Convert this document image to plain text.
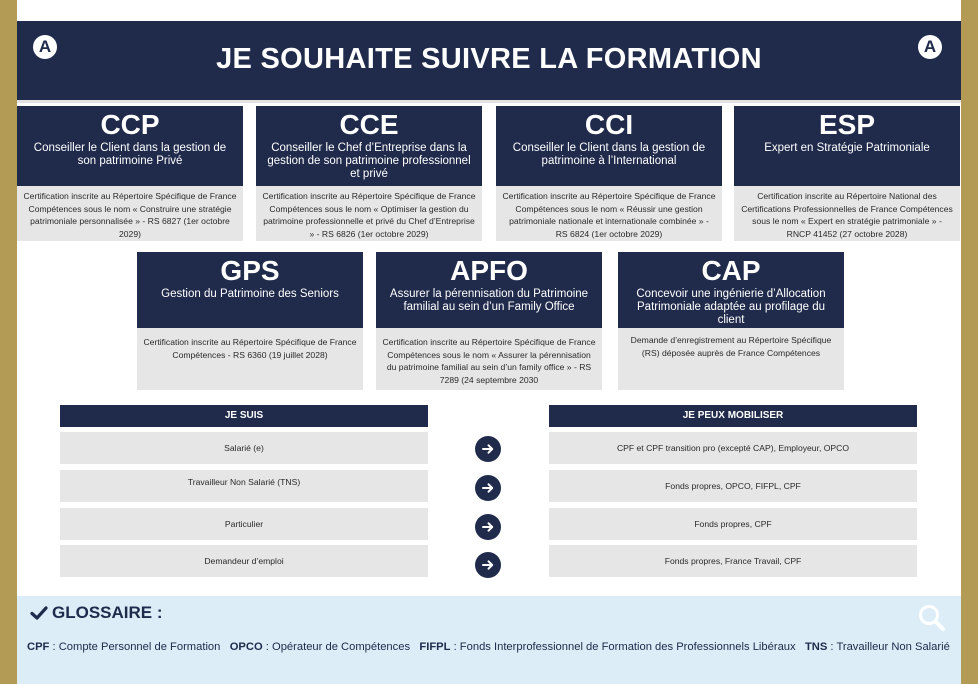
A	JE SOUHAITE SUIVRE LA FORMATION	A
CCP
Conseiller le Client dans la gestion de son patrimoine Privé
Certification inscrite au Répertoire Spécifique de France Compétences sous le nom « Construire une stratégie patrimoniale personnalisée » - RS 6827 (1er octobre 2029)
CCE
Conseiller le Chef d’Entreprise dans la gestion de son patrimoine professionnel et privé
Certification inscrite au Répertoire Spécifique de France Compétences sous le nom « Optimiser la gestion du patrimoine professionnelle et privé du Chef d’Entreprise » - RS 6826 (1er octobre 2029)
CCI
Conseiller le Client dans la gestion de patrimoine à l’International
Certification inscrite au Répertoire Spécifique de France Compétences sous le nom « Réussir une gestion patrimoniale nationale et internationale combinée » - RS 6824 (1er octobre 2029)
ESP
Expert en Stratégie Patrimoniale
Certification inscrite au Répertoire National des Certifications Professionnelles de France Compétences sous le nom « Expert en stratégie patrimoniale » - RNCP 41452 (27 octobre 2028)
GPS
Gestion du Patrimoine des Seniors
Certification inscrite au Répertoire Spécifique de France Compétences - RS 6360 (19 juillet 2028)
APFO
Assurer la pérennisation du Patrimoine familial au sein d’un Family Office
Certification inscrite au Répertoire Spécifique de France Compétences sous le nom « Assurer la pérennisation du patrimoine familial au sein d’un family office » - RS 7289 (24 septembre 2030
CAP
Concevoir une ingénierie d’Allocation Patrimoniale adaptée au profilage du client
Demande d’enregistrement au Répertoire Spécifique (RS) déposée auprès de France Compétences
JE SUIS	JE PEUX MOBILISER
Salarié (e)	CPF et CPF transition pro (excepté CAP), Employeur, OPCO
Travailleur Non Salarié (TNS)	Fonds propres, OPCO, FIFPL, CPF
Particulier	Fonds propres, CPF
Demandeur d’emploi	Fonds propres, France Travail, CPF
GLOSSAIRE :
CPF : Compte Personnel de Formation OPCO : Opérateur de Compétences FIFPL : Fonds Interprofessionnel de Formation des Professionnels Libéraux TNS : Travailleur Non Salarié
